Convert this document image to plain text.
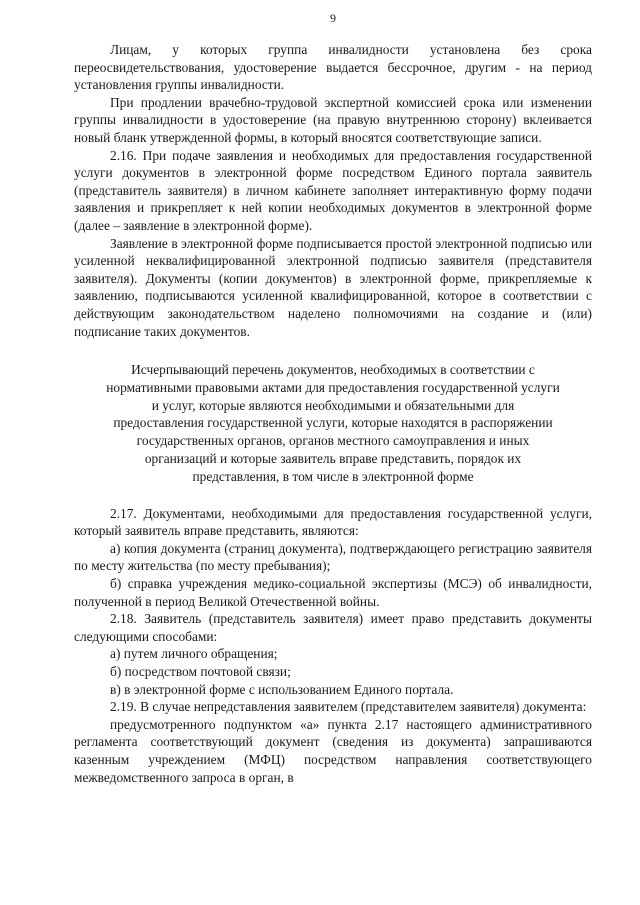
9

Лицам, у которых группа инвалидности установлена без срока переосвидетельствования, удостоверение выдается бессрочное, другим - на период установления группы инвалидности.

При продлении врачебно-трудовой экспертной комиссией срока или изменении группы инвалидности в удостоверение (на правую внутреннюю сторону) вклеивается новый бланк утвержденной формы, в который вносятся соответствующие записи.

2.16. При подаче заявления и необходимых для предоставления государственной услуги документов в электронной форме посредством Единого портала заявитель (представитель заявителя) в личном кабинете заполняет интерактивную форму подачи заявления и прикрепляет к ней копии необходимых документов в электронной форме (далее – заявление в электронной форме).

Заявление в электронной форме подписывается простой электронной подписью или усиленной неквалифицированной электронной подписью заявителя (представителя заявителя). Документы (копии документов) в электронной форме, прикрепляемые к заявлению, подписываются усиленной квалифицированной, которое в соответствии с действующим законодательством наделено полномочиями на создание и (или) подписание таких документов.

Исчерпывающий перечень документов, необходимых в соответствии с
нормативными правовыми актами для предоставления государственной услуги
и услуг, которые являются необходимыми и обязательными для
предоставления государственной услуги, которые находятся в распоряжении
государственных органов, органов местного самоуправления и иных
организаций и которые заявитель вправе представить, порядок их
представления, в том числе в электронной форме

2.17. Документами, необходимыми для предоставления государственной услуги, который заявитель вправе представить, являются:

а) копия документа (страниц документа), подтверждающего регистрацию заявителя по месту жительства (по месту пребывания);

б) справка учреждения медико-социальной экспертизы (МСЭ) об инвалидности, полученной в период Великой Отечественной войны.

2.18. Заявитель (представитель заявителя) имеет право представить документы следующими способами:

а) путем личного обращения;

б) посредством почтовой связи;

в) в электронной форме с использованием Единого портала.

2.19. В случае непредставления заявителем (представителем заявителя) документа:

предусмотренного подпунктом «а» пункта 2.17 настоящего административного регламента соответствующий документ (сведения из документа) запрашиваются казенным учреждением (МФЦ) посредством направления соответствующего межведомственного запроса в орган, в
